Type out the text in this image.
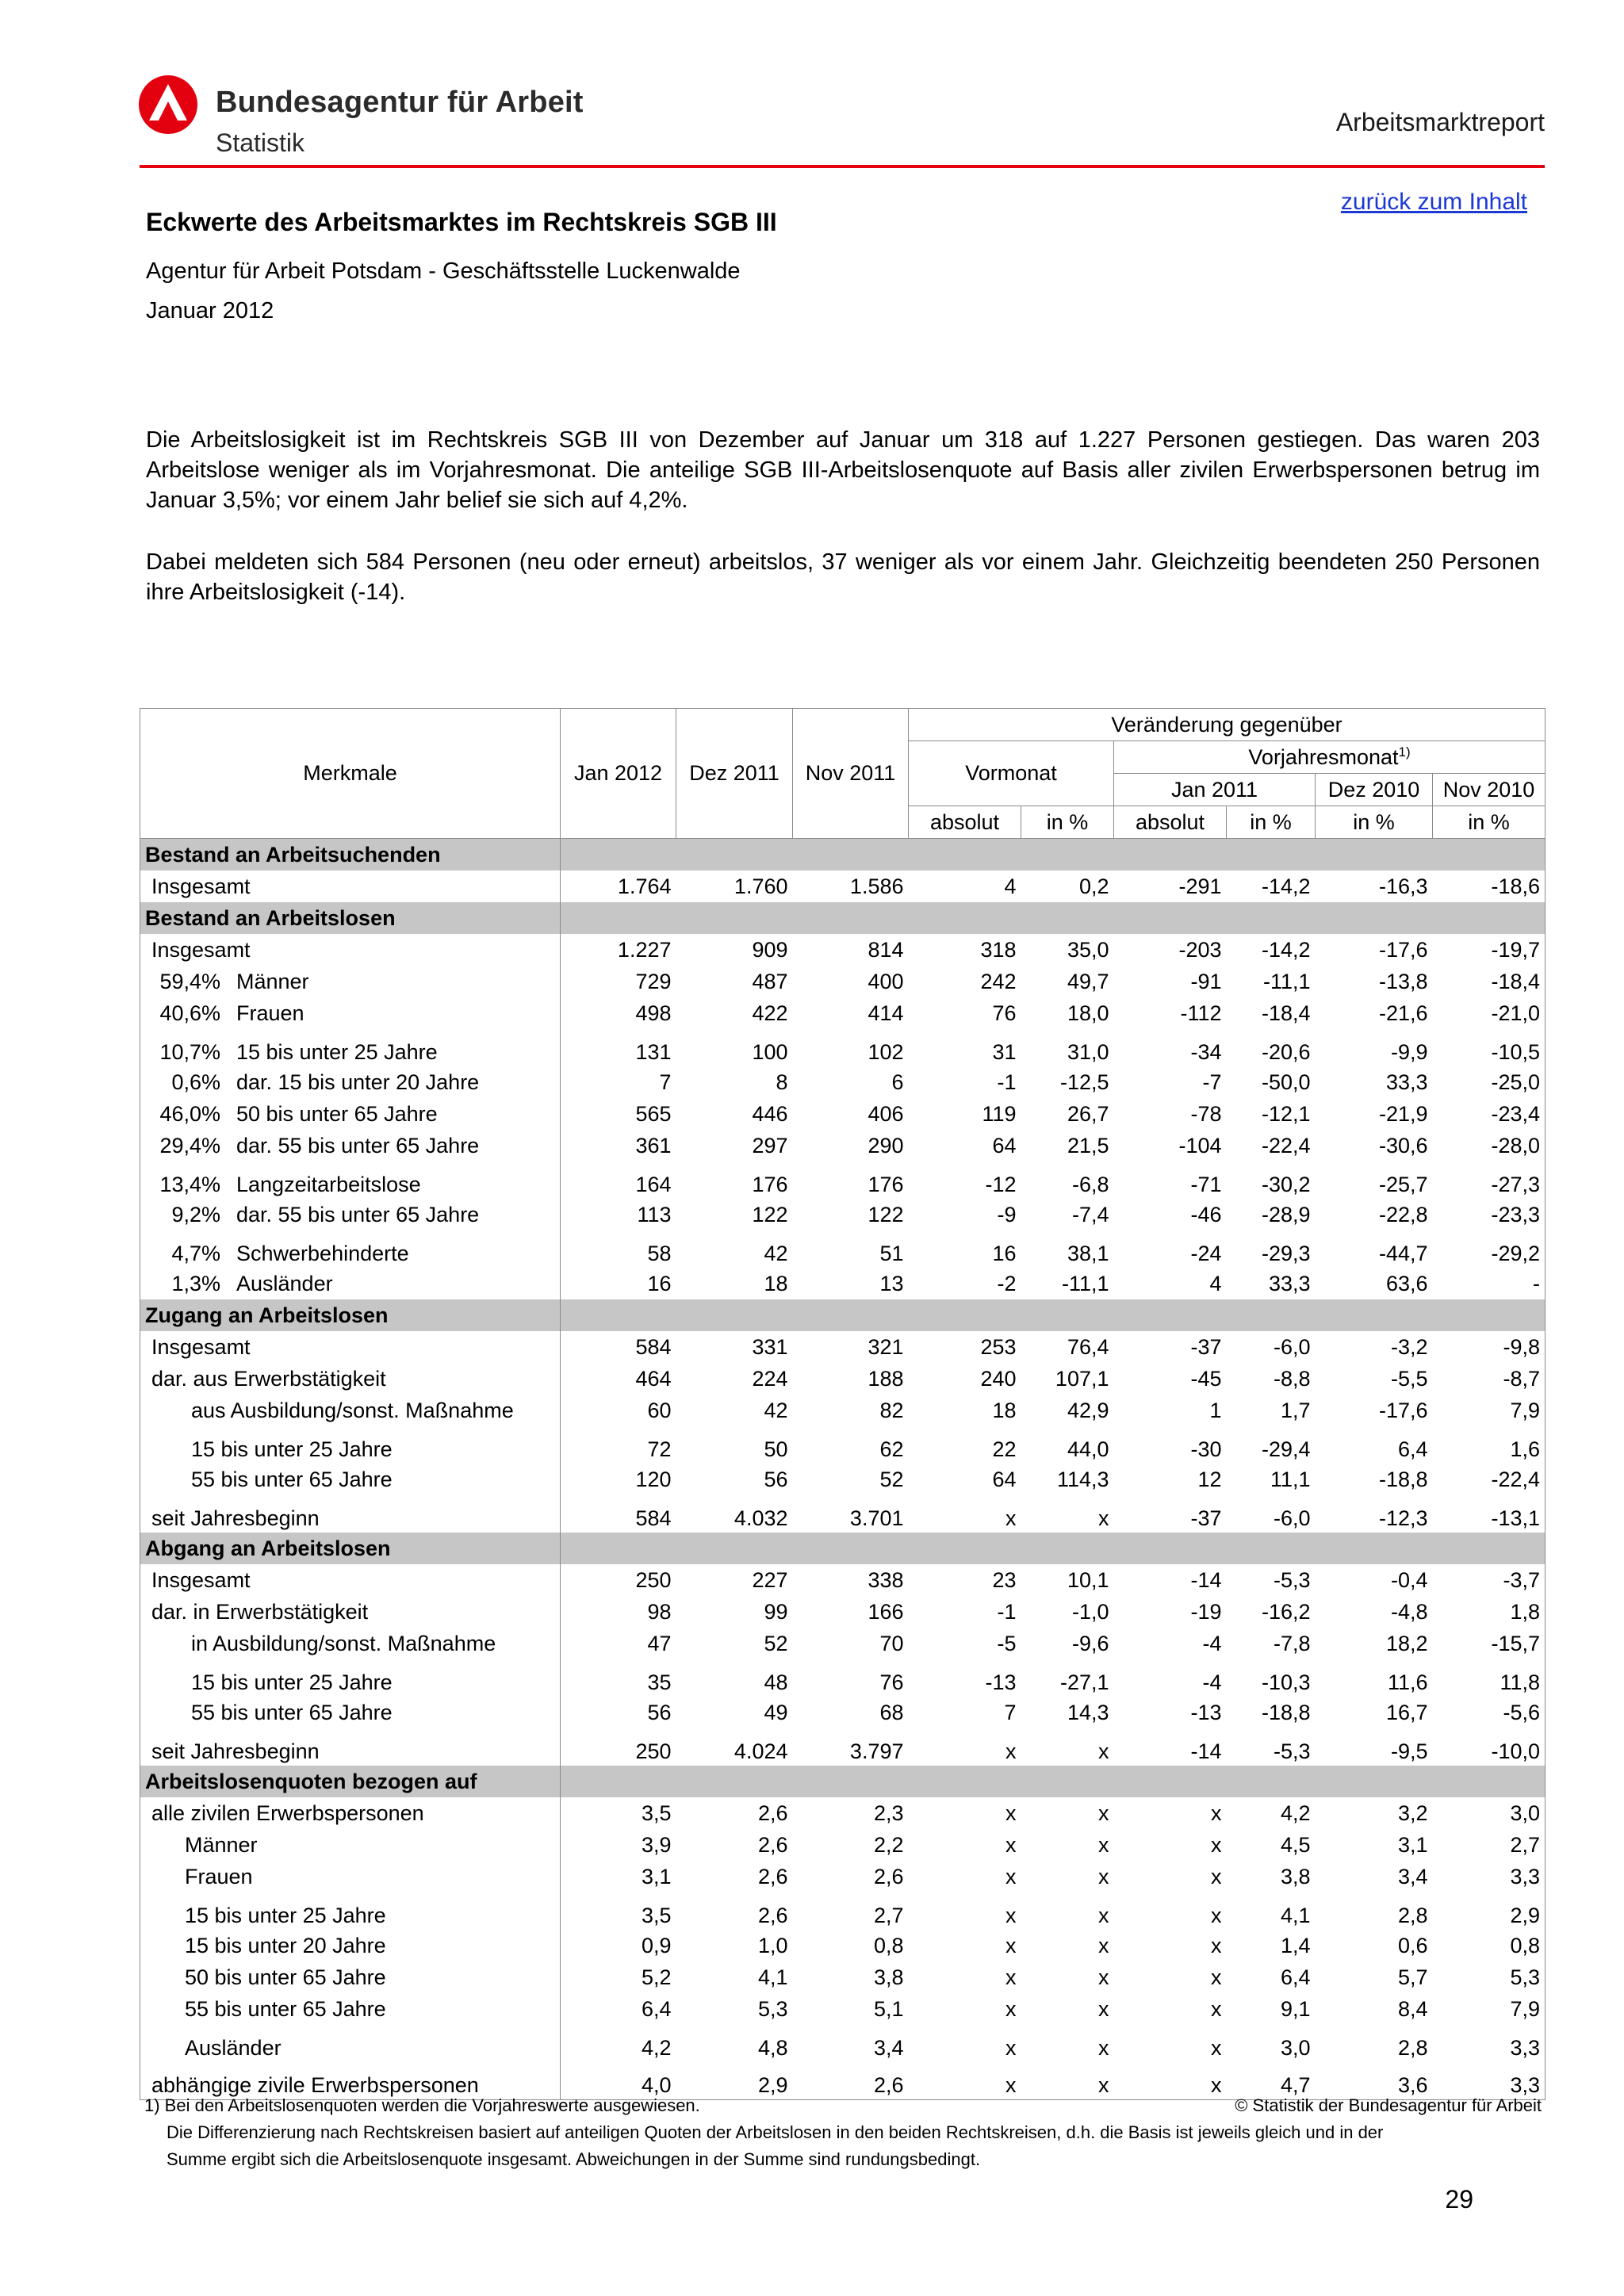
Bundesagentur für Arbeit
Statistik
Arbeitsmarktreport
zurück zum Inhalt
Eckwerte des Arbeitsmarktes im Rechtskreis SGB III
Agentur für Arbeit Potsdam - Geschäftsstelle Luckenwalde
Januar 2012
Die Arbeitslosigkeit ist im Rechtskreis SGB III von Dezember auf Januar um 318 auf 1.227 Personen gestiegen. Das waren 203 Arbeitslose weniger als im Vorjahresmonat. Die anteilige SGB III-Arbeitslosenquote auf Basis aller zivilen Erwerbspersonen betrug im Januar 3,5%; vor einem Jahr belief sie sich auf 4,2%.
Dabei meldeten sich 584 Personen (neu oder erneut) arbeitslos, 37 weniger als vor einem Jahr. Gleichzeitig beendeten 250 Personen ihre Arbeitslosigkeit (-14).
Merkmale	Jan 2012	Dez 2011	Nov 2011	Veränderung gegenüber					
				Vormonat		Vorjahresmonat$^{1)}$
						Jan 2011		Dez 2010	Nov 2010
				absolut	in %	absolut	in %	in %	in %
Bestand an Arbeitsuchenden									
Insgesamt	1.764	1.760	1.586	4	0,2	-291	-14,2	-16,3	-18,6
Bestand an Arbeitslosen									
Insgesamt	1.227	909	814	318	35,0	-203	-14,2	-17,6	-19,7
59,4% Männer	729	487	400	242	49,7	-91	-11,1	-13,8	-18,4
40,6% Frauen	498	422	414	76	18,0	-112	-18,4	-21,6	-21,0
10,7% 15 bis unter 25 Jahre	131	100	102	31	31,0	-34	-20,6	-9,9	-10,5
0,6% dar. 15 bis unter 20 Jahre	7	8	6	-1	-12,5	-7	-50,0	33,3	-25,0
46,0% 50 bis unter 65 Jahre	565	446	406	119	26,7	-78	-12,1	-21,9	-23,4
29,4% dar. 55 bis unter 65 Jahre	361	297	290	64	21,5	-104	-22,4	-30,6	-28,0
13,4% Langzeitarbeitslose	164	176	176	-12	-6,8	-71	-30,2	-25,7	-27,3
9,2% dar. 55 bis unter 65 Jahre	113	122	122	-9	-7,4	-46	-28,9	-22,8	-23,3
4,7% Schwerbehinderte	58	42	51	16	38,1	-24	-29,3	-44,7	-29,2
1,3% Ausländer	16	18	13	-2	-11,1	4	33,3	63,6	-
Zugang an Arbeitslosen									
Insgesamt	584	331	321	253	76,4	-37	-6,0	-3,2	-9,8
dar. aus Erwerbstätigkeit	464	224	188	240	107,1	-45	-8,8	-5,5	-8,7
aus Ausbildung/sonst. Maßnahme	60	42	82	18	42,9	1	1,7	-17,6	7,9
15 bis unter 25 Jahre	72	50	62	22	44,0	-30	-29,4	6,4	1,6
55 bis unter 65 Jahre	120	56	52	64	114,3	12	11,1	-18,8	-22,4
seit Jahresbeginn	584	4.032	3.701	x	x	-37	-6,0	-12,3	-13,1
Abgang an Arbeitslosen									
Insgesamt	250	227	338	23	10,1	-14	-5,3	-0,4	-3,7
dar. in Erwerbstätigkeit	98	99	166	-1	-1,0	-19	-16,2	-4,8	1,8
in Ausbildung/sonst. Maßnahme	47	52	70	-5	-9,6	-4	-7,8	18,2	-15,7
15 bis unter 25 Jahre	35	48	76	-13	-27,1	-4	-10,3	11,6	11,8
55 bis unter 65 Jahre	56	49	68	7	14,3	-13	-18,8	16,7	-5,6
seit Jahresbeginn	250	4.024	3.797	x	x	-14	-5,3	-9,5	-10,0
Arbeitslosenquoten bezogen auf									
alle zivilen Erwerbspersonen	3,5	2,6	2,3	x	x	x	4,2	3,2	3,0
Männer	3,9	2,6	2,2	x	x	x	4,5	3,1	2,7
Frauen	3,1	2,6	2,6	x	x	x	3,8	3,4	3,3
15 bis unter 25 Jahre	3,5	2,6	2,7	x	x	x	4,1	2,8	2,9
15 bis unter 20 Jahre	0,9	1,0	0,8	x	x	x	1,4	0,6	0,8
50 bis unter 65 Jahre	5,2	4,1	3,8	x	x	x	6,4	5,7	5,3
55 bis unter 65 Jahre	6,4	5,3	5,1	x	x	x	9,1	8,4	7,9
Ausländer	4,2	4,8	3,4	x	x	x	3,0	2,8	3,3
abhängige zivile Erwerbspersonen	4,0	2,9	2,6	x	x	x	4,7	3,6	3,3
1) Bei den Arbeitslosenquoten werden die Vorjahreswerte ausgewiesen.
Die Differenzierung nach Rechtskreisen basiert auf anteiligen Quoten der Arbeitslosen in den beiden Rechtskreisen, d.h. die Basis ist jeweils gleich und in der
Summe ergibt sich die Arbeitslosenquote insgesamt. Abweichungen in der Summe sind rundungsbedingt.
© Statistik der Bundesagentur für Arbeit
29
